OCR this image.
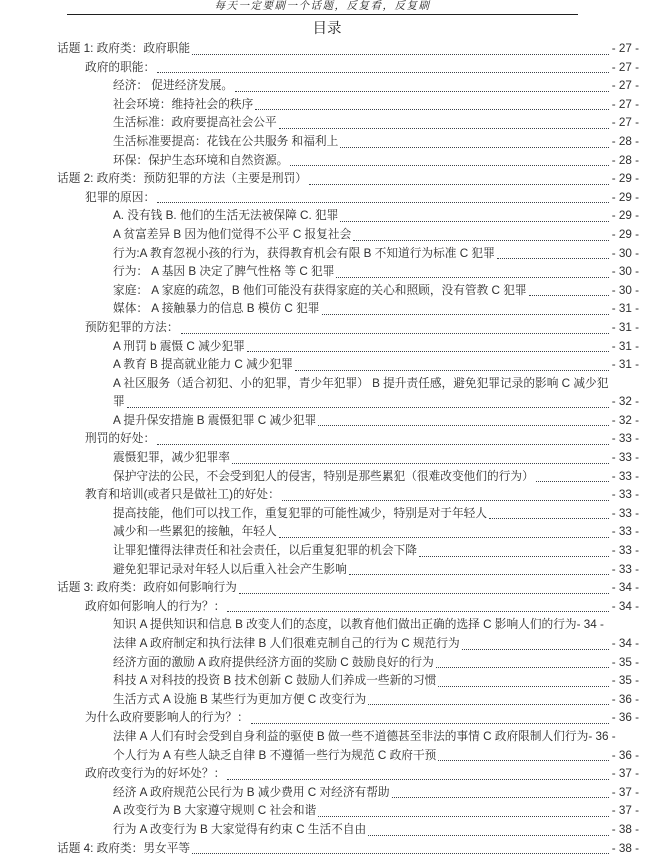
每天一定要刷一个话题，反复看，反复刷
目录
话题 1: 政府类：政府职能	- 27 -
政府的职能：	- 27 -
经济： 促进经济发展。	- 27 -
社会环境：维持社会的秩序	- 27 -
生活标准：政府要提高社会公平	- 27 -
生活标准要提高：花钱在公共服务 和福利上	- 28 -
环保：保护生态环境和自然资源。	- 28 -
话题 2: 政府类：预防犯罪的方法（主要是刑罚）	- 29 -
犯罪的原因：	- 29 -
A. 没有钱 B. 他们的生活无法被保障 C. 犯罪	- 29 -
A 贫富差异 B 因为他们觉得不公平 C 报复社会	- 29 -
行为:A 教育忽视小孩的行为，获得教育机会有限 B 不知道行为标准 C 犯罪	- 30 -
行为： A 基因 B 决定了脾气性格 等 C 犯罪	- 30 -
家庭： A 家庭的疏忽，B 他们可能没有获得家庭的关心和照顾，没有管教 C 犯罪	- 30 -
媒体： A 接触暴力的信息 B 模仿 C 犯罪	- 31 -
预防犯罪的方法：	- 31 -
A 刑罚 b 震慑 C 减少犯罪	- 31 -
A 教育 B 提高就业能力 C 减少犯罪	- 31 -
A 社区服务（适合初犯、小的犯罪，青少年犯罪） B 提升责任感，避免犯罪记录的影响 C 减少犯
罪	- 32 -
A 提升保安措施 B 震慑犯罪 C 减少犯罪	- 32 -
刑罚的好处：	- 33 -
震慑犯罪，减少犯罪率	- 33 -
保护守法的公民，不会受到犯人的侵害，特别是那些累犯（很难改变他们的行为）	- 33 -
教育和培训(或者只是做社工)的好处：	- 33 -
提高技能，他们可以找工作，重复犯罪的可能性减少，特别是对于年轻人	- 33 -
减少和一些累犯的接触，年轻人	- 33 -
让罪犯懂得法律责任和社会责任，以后重复犯罪的机会下降	- 33 -
避免犯罪记录对年轻人以后重入社会产生影响	- 33 -
话题 3: 政府类：政府如何影响行为	- 34 -
政府如何影响人的行为？：	- 34 -
知识 A 提供知识和信息 B 改变人们的态度，以教育他们做出正确的选择 C 影响人们的行为 - 34 -
法律 A 政府制定和执行法律 B 人们很难克制自己的行为 C 规范行为	- 34 -
经济方面的激励 A 政府提供经济方面的奖励 C 鼓励良好的行为	- 35 -
科技 A 对科技的投资 B 技术创新 C 鼓励人们养成一些新的习惯	- 35 -
生活方式 A 设施 B 某些行为更加方便 C 改变行为	- 36 -
为什么政府要影响人的行为？：	- 36 -
法律 A 人们有时会受到自身利益的驱使 B 做一些不道德甚至非法的事情 C 政府限制人们行为 - 36 -
个人行为 A 有些人缺乏自律 B 不遵循一些行为规范 C 政府干预	- 36 -
政府改变行为的好坏处？：	- 37 -
经济 A 政府规范公民行为 B 减少费用 C 对经济有帮助	- 37 -
A 改变行为 B 大家遵守规则 C 社会和谐	- 37 -
行为 A 改变行为 B 大家觉得有约束 C 生活不自由	- 38 -
话题 4: 政府类：男女平等	- 38 -
